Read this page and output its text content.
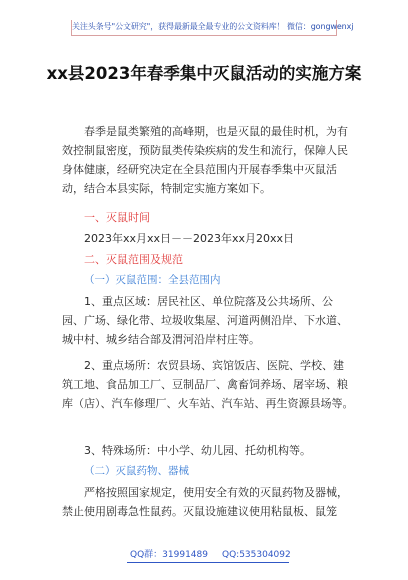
关注头条号"公文研究"，获得最新最全最专业的公文资料库！ 微信：gongwenxj
xx县2023年春季集中灭鼠活动的实施方案
春季是鼠类繁殖的高峰期，也是灭鼠的最佳时机，为有效控制鼠密度，预防鼠类传染疾病的发生和流行，保障人民身体健康，经研究决定在全县范围内开展春季集中灭鼠活动，结合本县实际，特制定实施方案如下。
一、灭鼠时间
2023年xx月xx日－－2023年xx月20xx日
二、灭鼠范围及规范
（一）灭鼠范围：全县范围内
1、重点区域：居民社区、单位院落及公共场所、公园、广场、绿化带、垃圾收集屋、河道两侧沿岸、下水道、城中村、城乡结合部及渭河沿岸村庄等。
2、重点场所：农贸县场、宾馆饭店、医院、学校、建筑工地、食品加工厂、豆制品厂、禽畜饲养场、屠宰场、粮库（店）、汽车修理厂、火车站、汽车站、再生资源县场等。
3、特殊场所：中小学、幼儿园、托幼机构等。
（二）灭鼠药物、器械
严格按照国家规定，使用安全有效的灭鼠药物及器械，禁止使用剧毒急性鼠药。灭鼠设施建议使用粘鼠板、鼠笼
QQ群：31991489 QQ:535304092
